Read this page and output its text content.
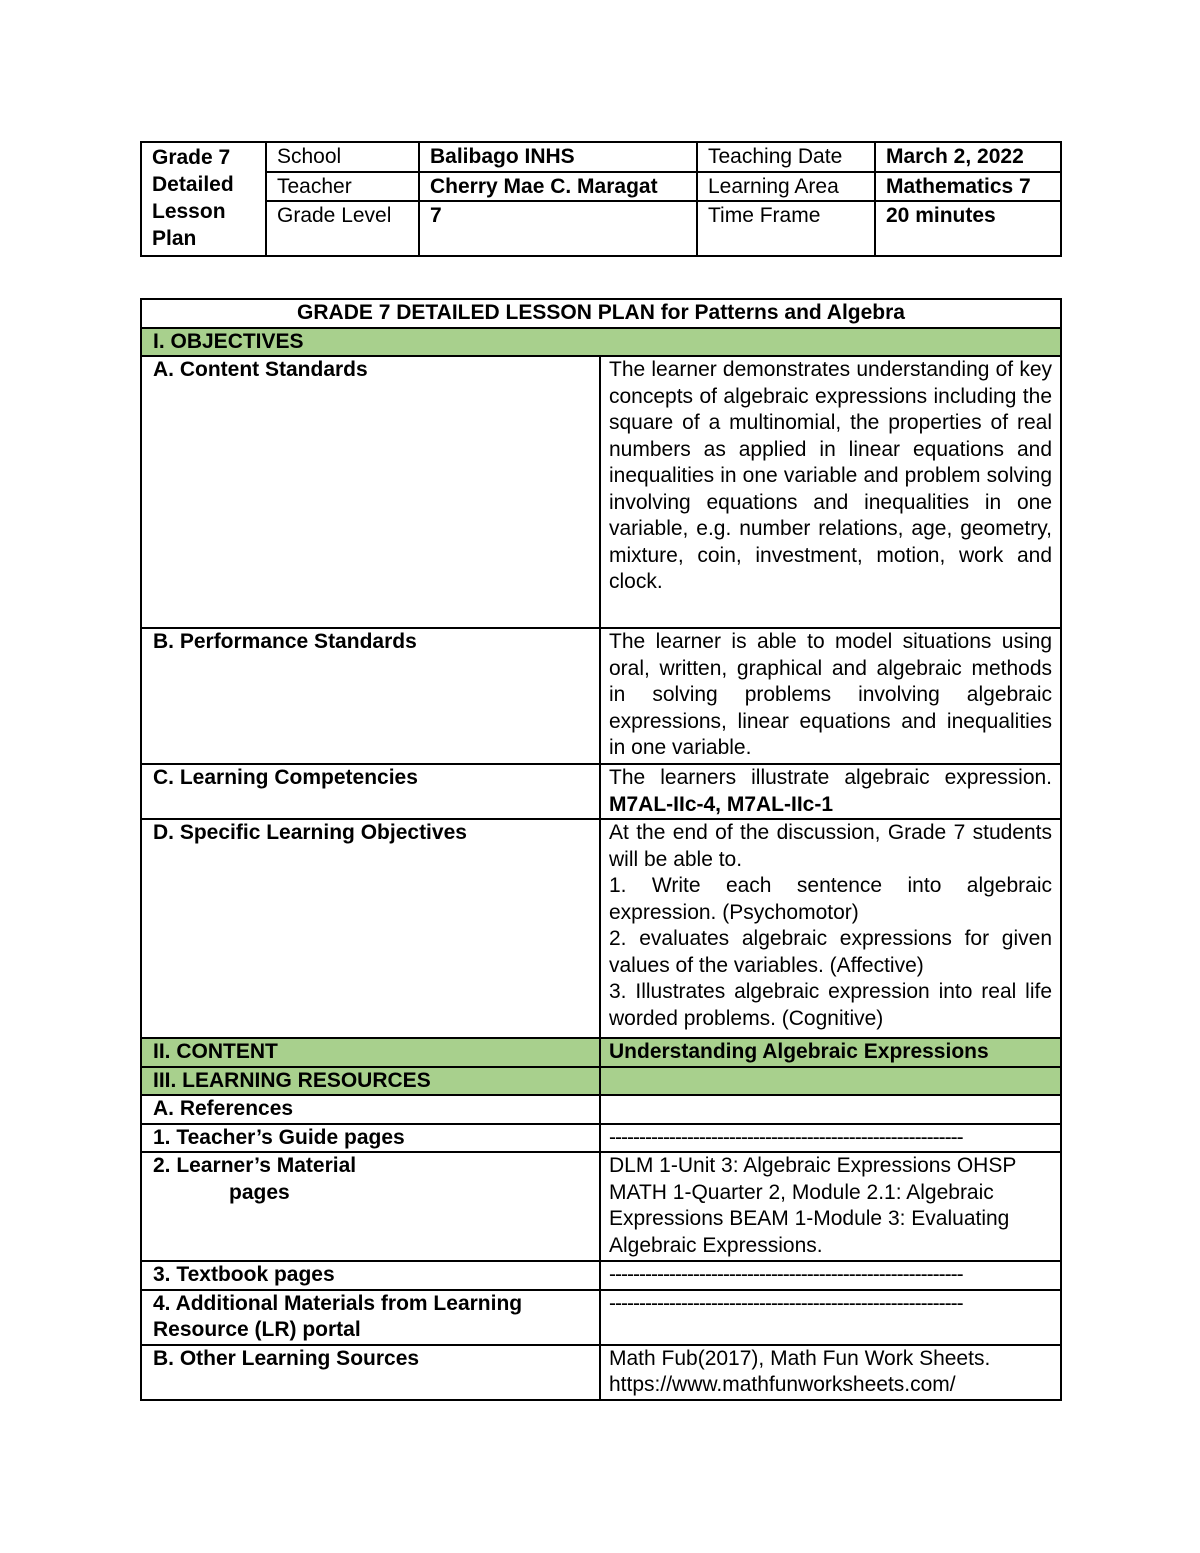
Grade 7 Detailed Lesson Plan	School	Balibago INHS	Teaching Date	March 2, 2022
	Teacher	Cherry Mae C. Maragat	Learning Area	Mathematics 7
	Grade Level	7	Time Frame	20 minutes
GRADE 7 DETAILED LESSON PLAN for Patterns and Algebra	
I. OBJECTIVES	
A. Content Standards	The learner demonstrates understanding of key concepts of algebraic expressions including the square of a multinomial, the properties of real numbers as applied in linear equations and inequalities in one variable and problem solving involving equations and inequalities in one variable, e.g. number relations, age, geometry, mixture, coin, investment, motion, work and clock.
B. Performance Standards	The learner is able to model situations using oral, written, graphical and algebraic methods in solving problems involving algebraic expressions, linear equations and inequalities in one variable.
C. Learning Competencies	The learners illustrate algebraic expression. M7AL-IIc-4, M7AL-IIc-1
D. Specific Learning Objectives	At the end of the discussion, Grade 7 students will be able to.
1. Write each sentence into algebraic expression. (Psychomotor)
2. evaluates algebraic expressions for given values of the variables. (Affective)
3. Illustrates algebraic expression into real life worded problems. (Cognitive)

II. CONTENT	Understanding Algebraic Expressions
III. LEARNING RESOURCES	
A. References	
1. Teacher’s Guide pages	-----------------------------------------------------------
2. Learner’s Material
pages	DLM 1-Unit 3: Algebraic Expressions OHSP MATH 1-Quarter 2, Module 2.1: Algebraic Expressions BEAM 1-Module 3: Evaluating Algebraic Expressions.
3. Textbook pages	-----------------------------------------------------------
4. Additional Materials from Learning Resource (LR) portal	-----------------------------------------------------------
B. Other Learning Sources	Math Fub(2017), Math Fun Work Sheets. https://www.mathfunworksheets.com/
